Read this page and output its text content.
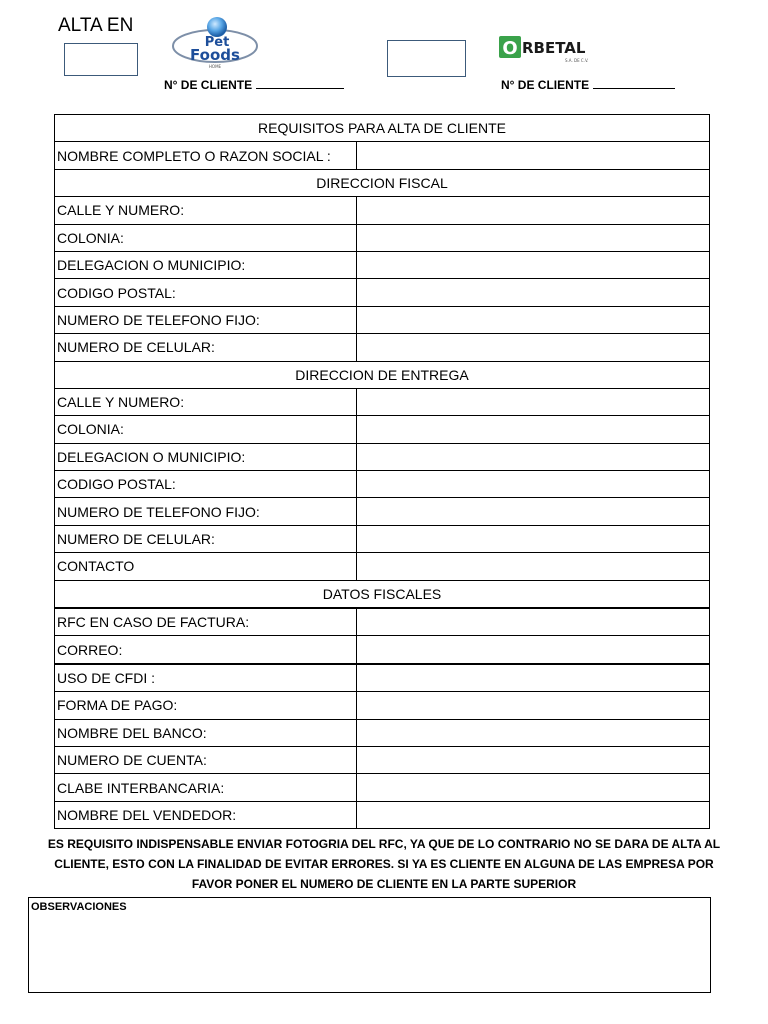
ALTA EN
Pet
Foods
HOME
O RBETAL
S.A. DE C.V.
N° DE CLIENTE	N° DE CLIENTE
REQUISITOS PARA ALTA DE CLIENTE	
NOMBRE COMPLETO O RAZON SOCIAL :	
DIRECCION FISCAL	
CALLE Y NUMERO:	
COLONIA:	
DELEGACION O MUNICIPIO:	
CODIGO POSTAL:	
NUMERO DE TELEFONO FIJO:	
NUMERO DE CELULAR:	
DIRECCION DE ENTREGA	
CALLE Y NUMERO:	
COLONIA:	
DELEGACION O MUNICIPIO:	
CODIGO POSTAL:	
NUMERO DE TELEFONO FIJO:	
NUMERO DE CELULAR:	
CONTACTO	
DATOS FISCALES	
RFC EN CASO DE FACTURA:	
CORREO:	
USO DE CFDI :	
FORMA DE PAGO:	
NOMBRE DEL BANCO:	
NUMERO DE CUENTA:	
CLABE INTERBANCARIA:	
NOMBRE DEL VENDEDOR:	
ES REQUISITO INDISPENSABLE ENVIAR FOTOGRIA DEL RFC, YA QUE DE LO CONTRARIO NO SE DARA DE ALTA AL
CLIENTE, ESTO CON LA FINALIDAD DE EVITAR ERRORES. SI YA ES CLIENTE EN ALGUNA DE LAS EMPRESA POR
FAVOR PONER EL NUMERO DE CLIENTE EN LA PARTE SUPERIOR
OBSERVACIONES
